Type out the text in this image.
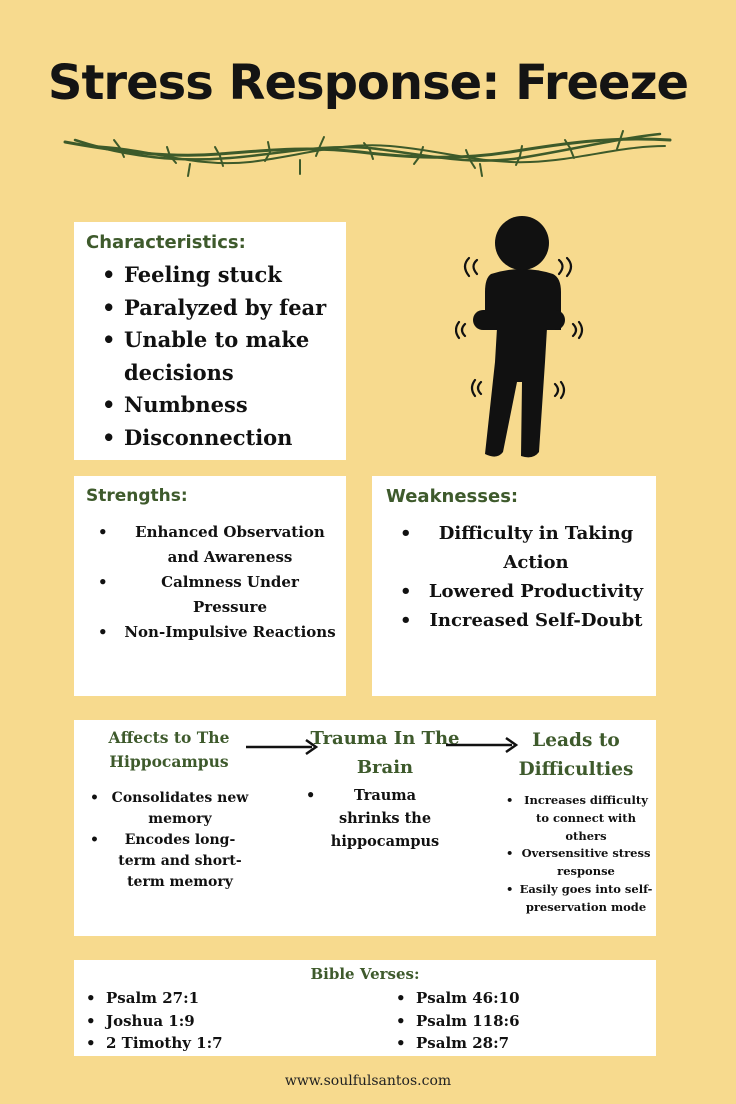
Stress Response: Freeze
Characteristics:
• Feeling stuck
• Paralyzed by fear
• Unable to make decisions
• Numbness
• Disconnection
Strengths:
• Enhanced Observation and Awareness
• Calmness Under Pressure
• Non-Impulsive Reactions
Weaknesses:
• Difficulty in Taking Action
• Lowered Productivity
• Increased Self-Doubt
Affects to The Hippocampus
• Consolidates new memory
• Encodes long-term and short-term memory
Trauma In The Brain
• Trauma shrinks the hippocampus
Leads to Difficulties
• Increases difficulty to connect with others
• Oversensitive stress response
• Easily goes into self-preservation mode
Bible Verses:
• Psalm 27:1
• Joshua 1:9
• 2 Timothy 1:7
• Psalm 46:10
• Psalm 118:6
• Psalm 28:7
www.soulfulsantos.com
